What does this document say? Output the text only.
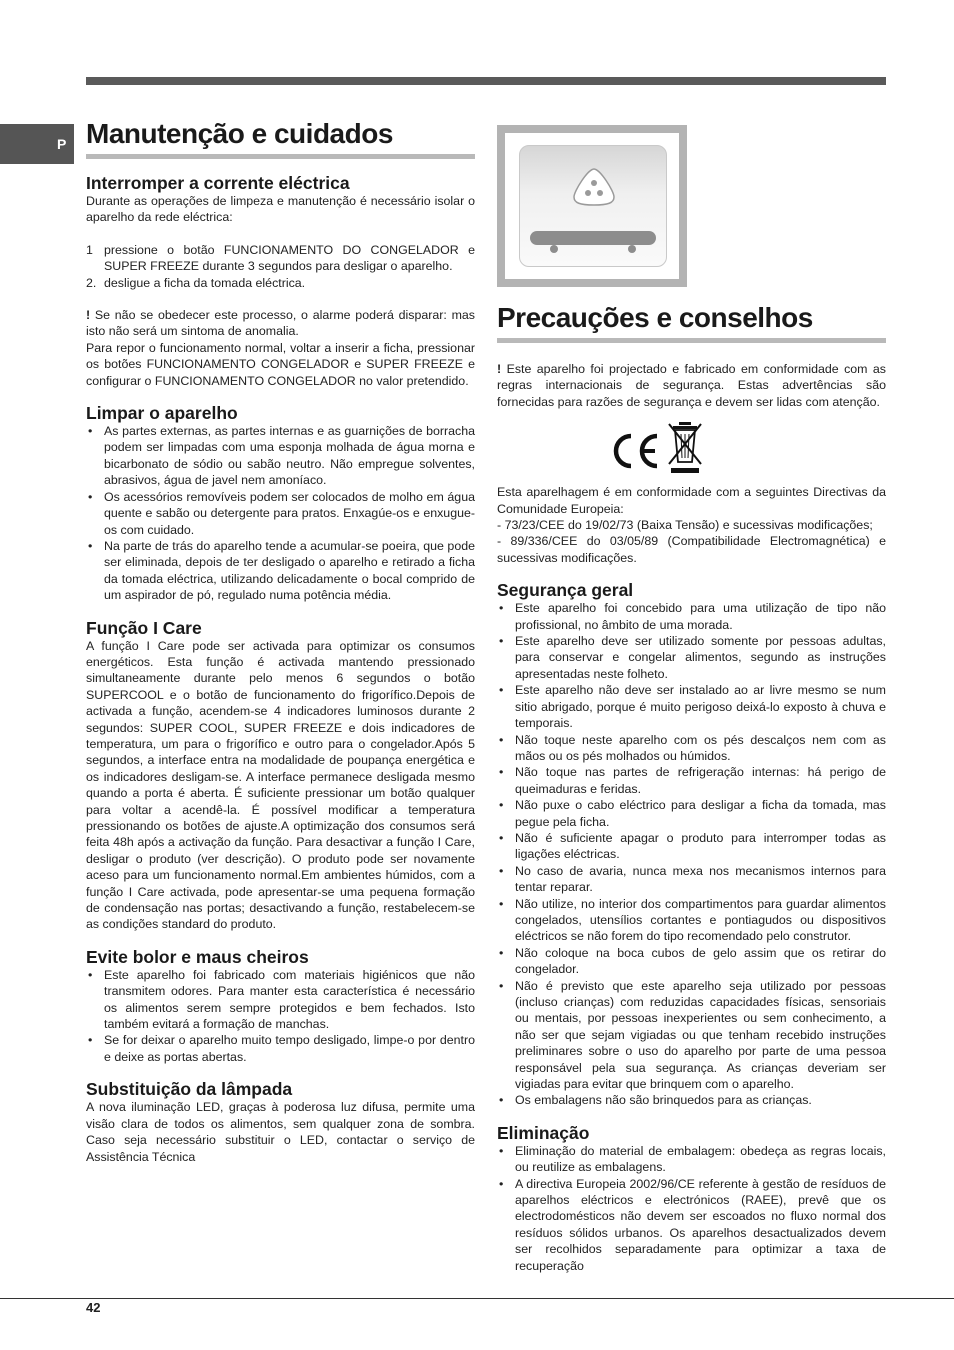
P Manutenção e cuidados
Interromper a corrente eléctrica

Durante as operações de limpeza e manutenção é necessário isolar o aparelho da rede eléctrica:

1 pressione o botão FUNCIONAMENTO DO CONGELADOR e SUPER FREEZE durante 3 segundos para desligar o aparelho.
2. desligue a ficha da tomada eléctrica.

! Se não se obedecer este processo, o alarme poderá disparar: mas isto não será um sintoma de anomalia.

Para repor o funcionamento normal, voltar a inserir a ficha, pressionar os botões FUNCIONAMENTO CONGELADOR e SUPER FREEZE e configurar o FUNCIONAMENTO CONGELADOR no valor pretendido.

Limpar o aparelho
• As partes externas, as partes internas e as guarnições de borracha podem ser limpadas com uma esponja molhada de água morna e bicarbonato de sódio ou sabão neutro. Não empregue solventes, abrasivos, água de javel nem amoníaco.
• Os acessórios removíveis podem ser colocados de molho em água quente e sabão ou detergente para pratos. Enxagúe-os e enxugue-os com cuidado.
• Na parte de trás do aparelho tende a acumular-se poeira, que pode ser eliminada, depois de ter desligado o aparelho e retirado a ficha da tomada eléctrica, utilizando delicadamente o bocal comprido de um aspirador de pó, regulado numa potência média.
Função I Care

A função I Care pode ser activada para optimizar os consumos energéticos. Esta função é activada mantendo pressionado simultaneamente durante pelo menos 6 segundos o botão SUPERCOOL e o botão de funcionamento do frigorífico.Depois de activada a função, acendem-se 4 indicadores luminosos durante 2 segundos: SUPER COOL, SUPER FREEZE e dois indicadores de temperatura, um para o frigorífico e outro para o congelador.Após 5 segundos, a interface entra na modalidade de poupança energética e os indicadores desligam-se. A interface permanece desligada mesmo quando a porta é aberta. É suficiente pressionar um botão qualquer para voltar a acendê-la. É possível modificar a temperatura pressionando os botões de ajuste.A optimização dos consumos será feita 48h após a activação da função. Para desactivar a função I Care, desligar o produto (ver descrição). O produto pode ser novamente aceso para um funcionamento normal.Em ambientes húmidos, com a função I Care activada, pode apresentar-se uma pequena formação de condensação nas portas; desactivando a função, restabelecem-se as condições standard do produto.

Evite bolor e maus cheiros
• Este aparelho foi fabricado com materiais higiénicos que não transmitem odores. Para manter esta característica é necessário os alimentos serem sempre protegidos e bem fechados. Isto também evitará a formação de manchas.
• Se for deixar o aparelho muito tempo desligado, limpe-o por dentro e deixe as portas abertas.
Substituição da lâmpada

A nova iluminação LED, graças à poderosa luz difusa, permite uma visão clara de todos os alimentos, sem qualquer zona de sombra. Caso seja necessário substituir o LED, contactar o serviço de Assistência Técnica

Precauções e conselhos

! Este aparelho foi projectado e fabricado em conformidade com as regras internacionais de segurança. Estas advertências são fornecidas para razões de segurança e devem ser lidas com atenção.

Esta aparelhagem é em conformidade com a seguintes Directivas da Comunidade Europeia:

- 73/23/CEE do 19/02/73 (Baixa Tensão) e sucessivas modificações;

- 89/336/CEE do 03/05/89 (Compatibilidade Electromagnética) e sucessivas modificações.

Segurança geral
• Este aparelho foi concebido para uma utilização de tipo não profissional, no âmbito de uma morada.
• Este aparelho deve ser utilizado somente por pessoas adultas, para conservar e congelar alimentos, segundo as instruções apresentadas neste folheto.
• Este aparelho não deve ser instalado ao ar livre mesmo se num sitio abrigado, porque é muito perigoso deixá-lo exposto à chuva e temporais.
• Não toque neste aparelho com os pés descalços nem com as mãos ou os pés molhados ou húmidos.
• Não toque nas partes de refrigeração internas: há perigo de queimaduras e feridas.
• Não puxe o cabo eléctrico para desligar a ficha da tomada, mas pegue pela ficha.
• Não é suficiente apagar o produto para interromper todas as ligações eléctricas.
• No caso de avaria, nunca mexa nos mecanismos internos para tentar reparar.
• Não utilize, no interior dos compartimentos para guardar alimentos congelados, utensílios cortantes e pontiagudos ou dispositivos eléctricos se não forem do tipo recomendado pelo construtor.
• Não coloque na boca cubos de gelo assim que os retirar do congelador.
• Não é previsto que este aparelho seja utilizado por pessoas (incluso crianças) com reduzidas capacidades físicas, sensoriais ou mentais, por pessoas inexperientes ou sem conhecimento, a não ser que sejam vigiadas ou que tenham recebido instruções preliminares sobre o uso do aparelho por parte de uma pessoa responsável pela sua segurança. As crianças deveriam ser vigiadas para evitar que brinquem com o aparelho.
• Os embalagens não são brinquedos para as crianças.
Eliminação
• Eliminação do material de embalagem: obedeça as regras locais, ou reutilize as embalagens.
• A directiva Europeia 2002/96/CE referente à gestão de resíduos de aparelhos eléctricos e electrónicos (RAEE), prevê que os electrodomésticos não devem ser escoados no fluxo normal dos resíduos sólidos urbanos. Os aparelhos desactualizados devem ser recolhidos separadamente para optimizar a taxa de recuperação
42
